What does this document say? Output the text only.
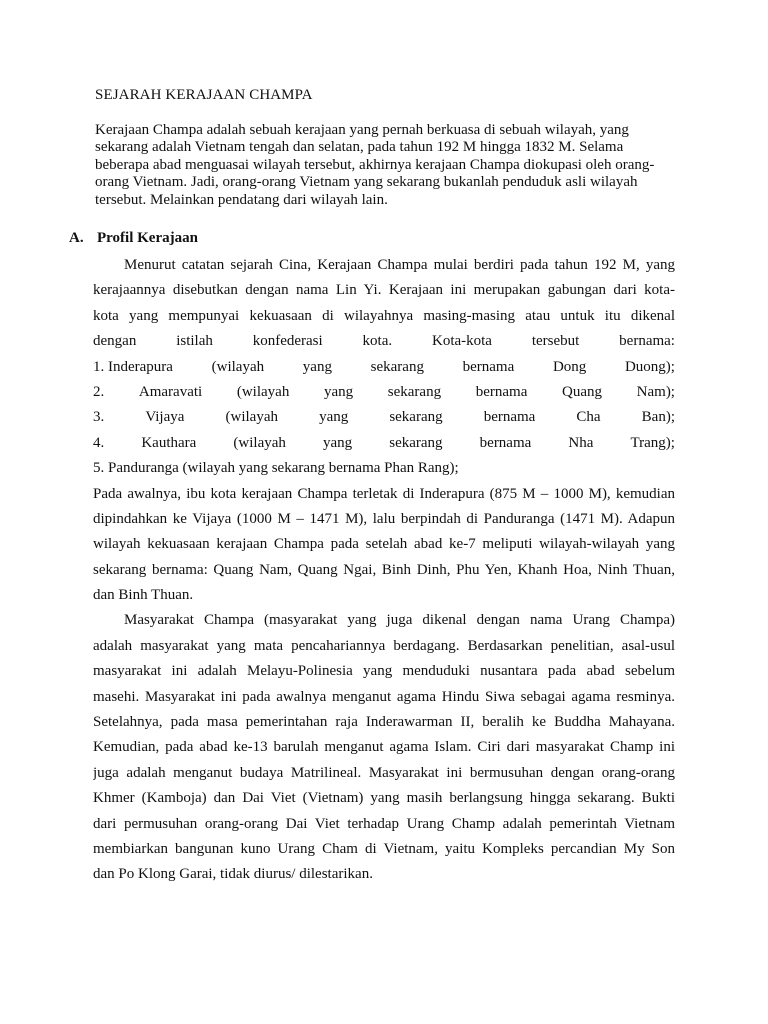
SEJARAH KERAJAAN CHAMPA
Kerajaan Champa adalah sebuah kerajaan yang pernah berkuasa di sebuah wilayah, yang
sekarang adalah Vietnam tengah dan selatan, pada tahun 192 M hingga 1832 M. Selama
beberapa abad menguasai wilayah tersebut, akhirnya kerajaan Champa diokupasi oleh orang-
orang Vietnam. Jadi, orang-orang Vietnam yang sekarang bukanlah penduduk asli wilayah
tersebut. Melainkan pendatang dari wilayah lain.
A. Profil Kerajaan
Menurut catatan sejarah Cina, Kerajaan Champa mulai berdiri pada tahun 192 M, yang
kerajaannya disebutkan dengan nama Lin Yi. Kerajaan ini merupakan gabungan dari kota-
kota yang mempunyai kekuasaan di wilayahnya masing-masing atau untuk itu dikenal
dengan	istilah	konfederasi	kota.	Kota-kota	tersebut	bernama:
1. Inderapura	(wilayah	yang	sekarang	bernama	Dong	Duong);
2. Amaravati (wilayah yang sekarang bernama Quang Nam);
3.	Vijaya	(wilayah	yang	sekarang	bernama	Cha	Ban);
4. Kauthara (wilayah yang sekarang bernama Nha Trang);
5. Panduranga (wilayah yang sekarang bernama Phan Rang);
Pada awalnya, ibu kota kerajaan Champa terletak di Inderapura (875 M – 1000 M), kemudian
dipindahkan ke Vijaya (1000 M – 1471 M), lalu berpindah di Panduranga (1471 M). Adapun
wilayah kekuasaan kerajaan Champa pada setelah abad ke-7 meliputi wilayah-wilayah yang
sekarang bernama: Quang Nam, Quang Ngai, Binh Dinh, Phu Yen, Khanh Hoa, Ninh Thuan,
dan Binh Thuan.
Masyarakat Champa (masyarakat yang juga dikenal dengan nama Urang Champa)
adalah masyarakat yang mata pencahariannya berdagang. Berdasarkan penelitian, asal-usul
masyarakat ini adalah Melayu-Polinesia yang menduduki nusantara pada abad sebelum
masehi. Masyarakat ini pada awalnya menganut agama Hindu Siwa sebagai agama resminya.
Setelahnya, pada masa pemerintahan raja Inderawarman II, beralih ke Buddha Mahayana.
Kemudian, pada abad ke-13 barulah menganut agama Islam. Ciri dari masyarakat Champ ini
juga adalah menganut budaya Matrilineal. Masyarakat ini bermusuhan dengan orang-orang
Khmer (Kamboja) dan Dai Viet (Vietnam) yang masih berlangsung hingga sekarang. Bukti
dari permusuhan orang-orang Dai Viet terhadap Urang Champ adalah pemerintah Vietnam
membiarkan bangunan kuno Urang Cham di Vietnam, yaitu Kompleks percandian My Son
dan Po Klong Garai, tidak diurus/ dilestarikan.
